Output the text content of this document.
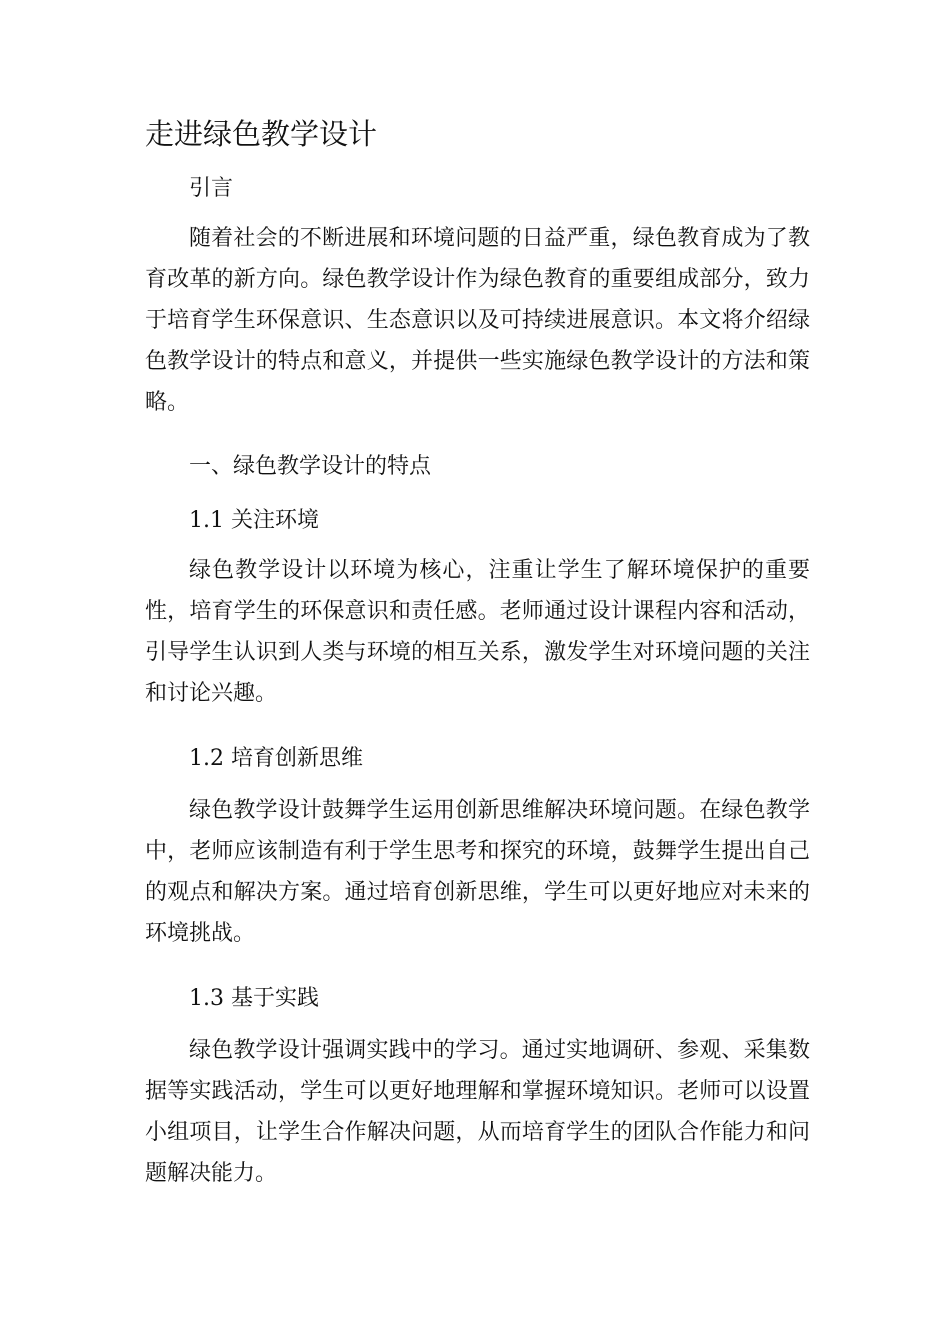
走进绿色教学设计

引言

随着社会的不断进展和环境问题的日益严重，绿色教育成为了教育改革的新方向。绿色教学设计作为绿色教育的重要组成部分，致力于培育学生环保意识、生态意识以及可持续进展意识。本文将介绍绿色教学设计的特点和意义，并提供一些实施绿色教学设计的方法和策略。

一、绿色教学设计的特点

1.1 关注环境

绿色教学设计以环境为核心，注重让学生了解环境保护的重要性，培育学生的环保意识和责任感。老师通过设计课程内容和活动，引导学生认识到人类与环境的相互关系，激发学生对环境问题的关注和讨论兴趣。

1.2 培育创新思维

绿色教学设计鼓舞学生运用创新思维解决环境问题。在绿色教学中，老师应该制造有利于学生思考和探究的环境，鼓舞学生提出自己的观点和解决方案。通过培育创新思维，学生可以更好地应对未来的环境挑战。

1.3 基于实践

绿色教学设计强调实践中的学习。通过实地调研、参观、采集数据等实践活动，学生可以更好地理解和掌握环境知识。老师可以设置小组项目，让学生合作解决问题，从而培育学生的团队合作能力和问题解决能力。
